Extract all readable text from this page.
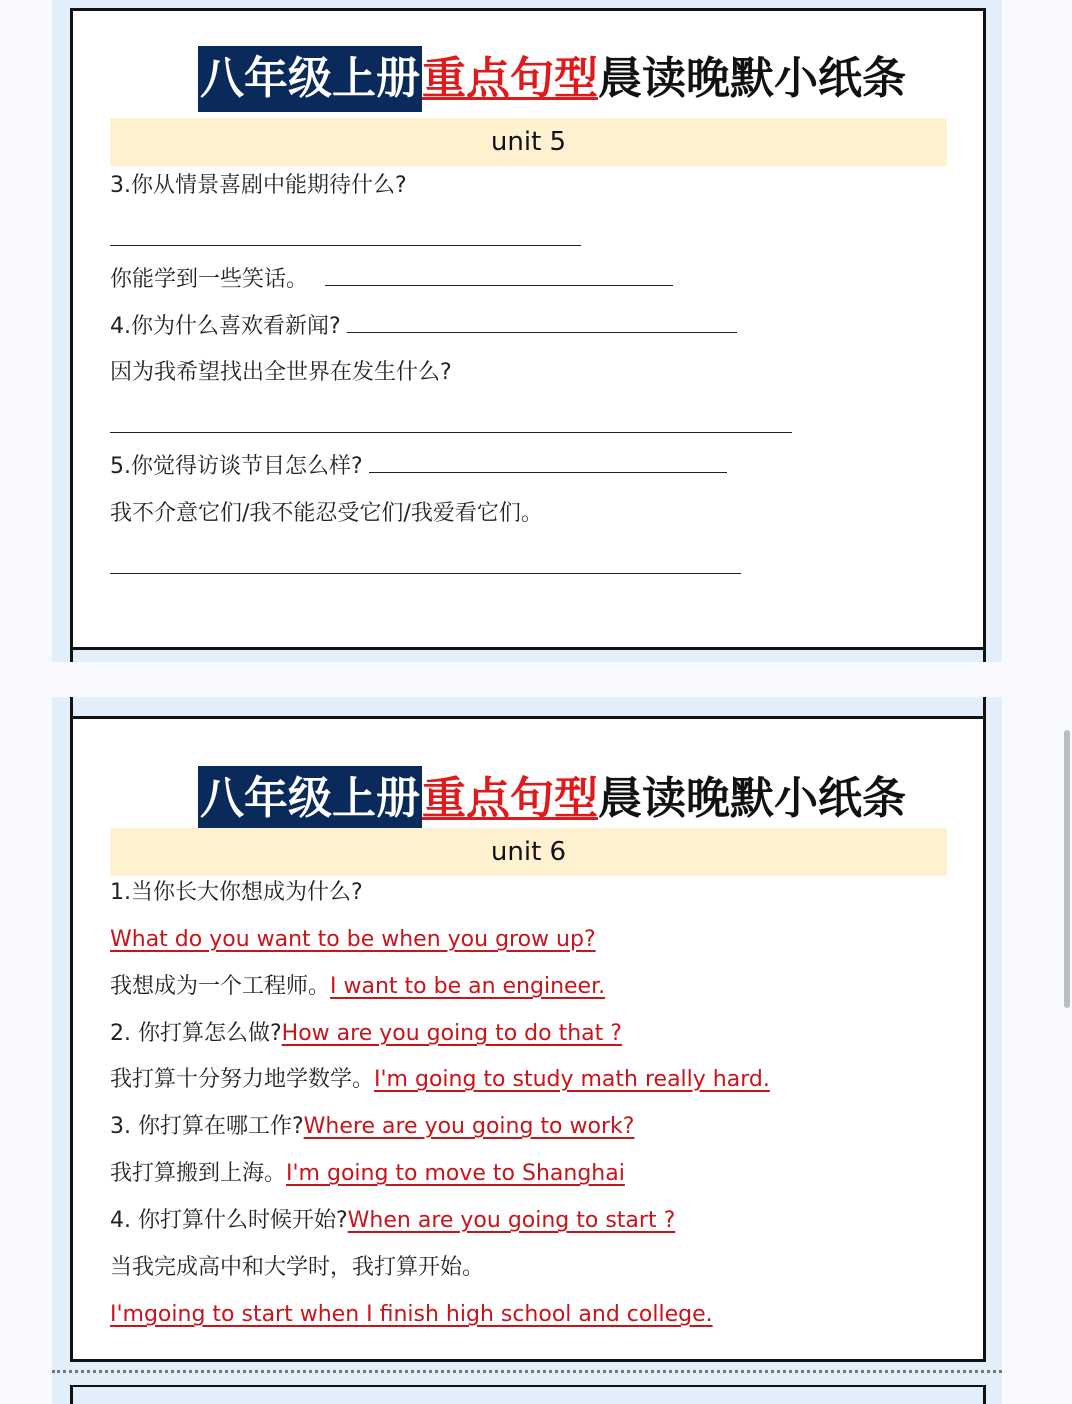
八年级上册重点句型晨读晚默小纸条
unit 5
3.你从情景喜剧中能期待什么?
你能学到一些笑话。
4.你为什么喜欢看新闻?
因为我希望找出全世界在发生什么?
5.你觉得访谈节目怎么样?
我不介意它们/我不能忍受它们/我爱看它们。
八年级上册重点句型晨读晚默小纸条
unit 6
1.当你长大你想成为什么?
What do you want to be when you grow up?
我想成为一个工程师。I want to be an engineer.
2. 你打算怎么做?How are you going to do that ?
我打算十分努力地学数学。I'm going to study math really hard.
3. 你打算在哪工作?Where are you going to work?
我打算搬到上海。I'm going to move to Shanghai
4. 你打算什么时候开始?When are you going to start ?
当我完成高中和大学时，我打算开始。
I'mgoing to start when I finish high school and college.
